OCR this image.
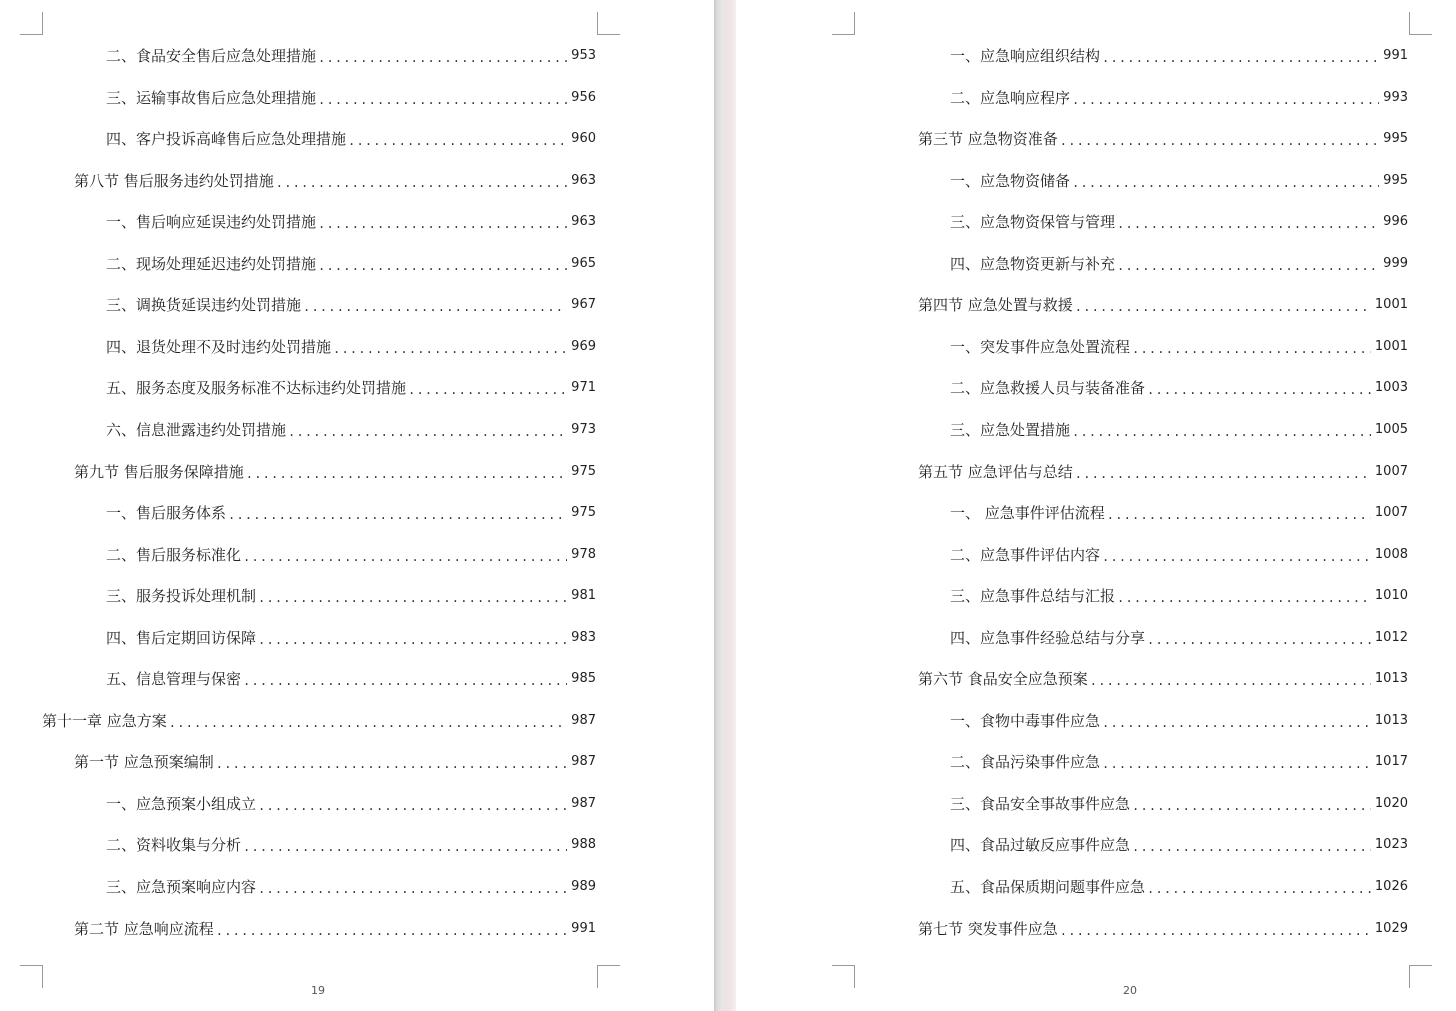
二、食品安全售后应急处理措施 .....	953
三、运输事故售后应急处理措施 .....	956
四、客户投诉高峰售后应急处理措施 .....	960
第八节 售后服务违约处罚措施 .....	963
一、售后响应延误违约处罚措施 .....	963
二、现场处理延迟违约处罚措施 .....	965
三、调换货延误违约处罚措施 .....	967
四、退货处理不及时违约处罚措施 .....	969
五、服务态度及服务标准不达标违约处罚措施 .....	971
六、信息泄露违约处罚措施 .....	973
第九节 售后服务保障措施 .....	975
一、售后服务体系 .....	975
二、售后服务标准化 .....	978
三、服务投诉处理机制 .....	981
四、售后定期回访保障 .....	983
五、信息管理与保密 .....	985
第十一章 应急方案 .....	987
第一节 应急预案编制 .....	987
一、应急预案小组成立 .....	987
二、资料收集与分析 .....	988
三、应急预案响应内容 .....	989
第二节 应急响应流程 .....	991
19
一、应急响应组织结构 .....	991
二、应急响应程序 .....	993
第三节 应急物资准备 .....	995
一、应急物资储备 .....	995
三、应急物资保管与管理 .....	996
四、应急物资更新与补充 .....	999
第四节 应急处置与救援 .....	1001
一、突发事件应急处置流程 .....	1001
二、应急救援人员与装备准备 .....	1003
三、应急处置措施 .....	1005
第五节 应急评估与总结 .....	1007
一、 应急事件评估流程 .....	1007
二、应急事件评估内容 .....	1008
三、应急事件总结与汇报 .....	1010
四、应急事件经验总结与分享 .....	1012
第六节 食品安全应急预案 .....	1013
一、食物中毒事件应急 .....	1013
二、食品污染事件应急 .....	1017
三、食品安全事故事件应急 .....	1020
四、食品过敏反应事件应急 .....	1023
五、食品保质期问题事件应急 .....	1026
第七节 突发事件应急 .....	1029
20
